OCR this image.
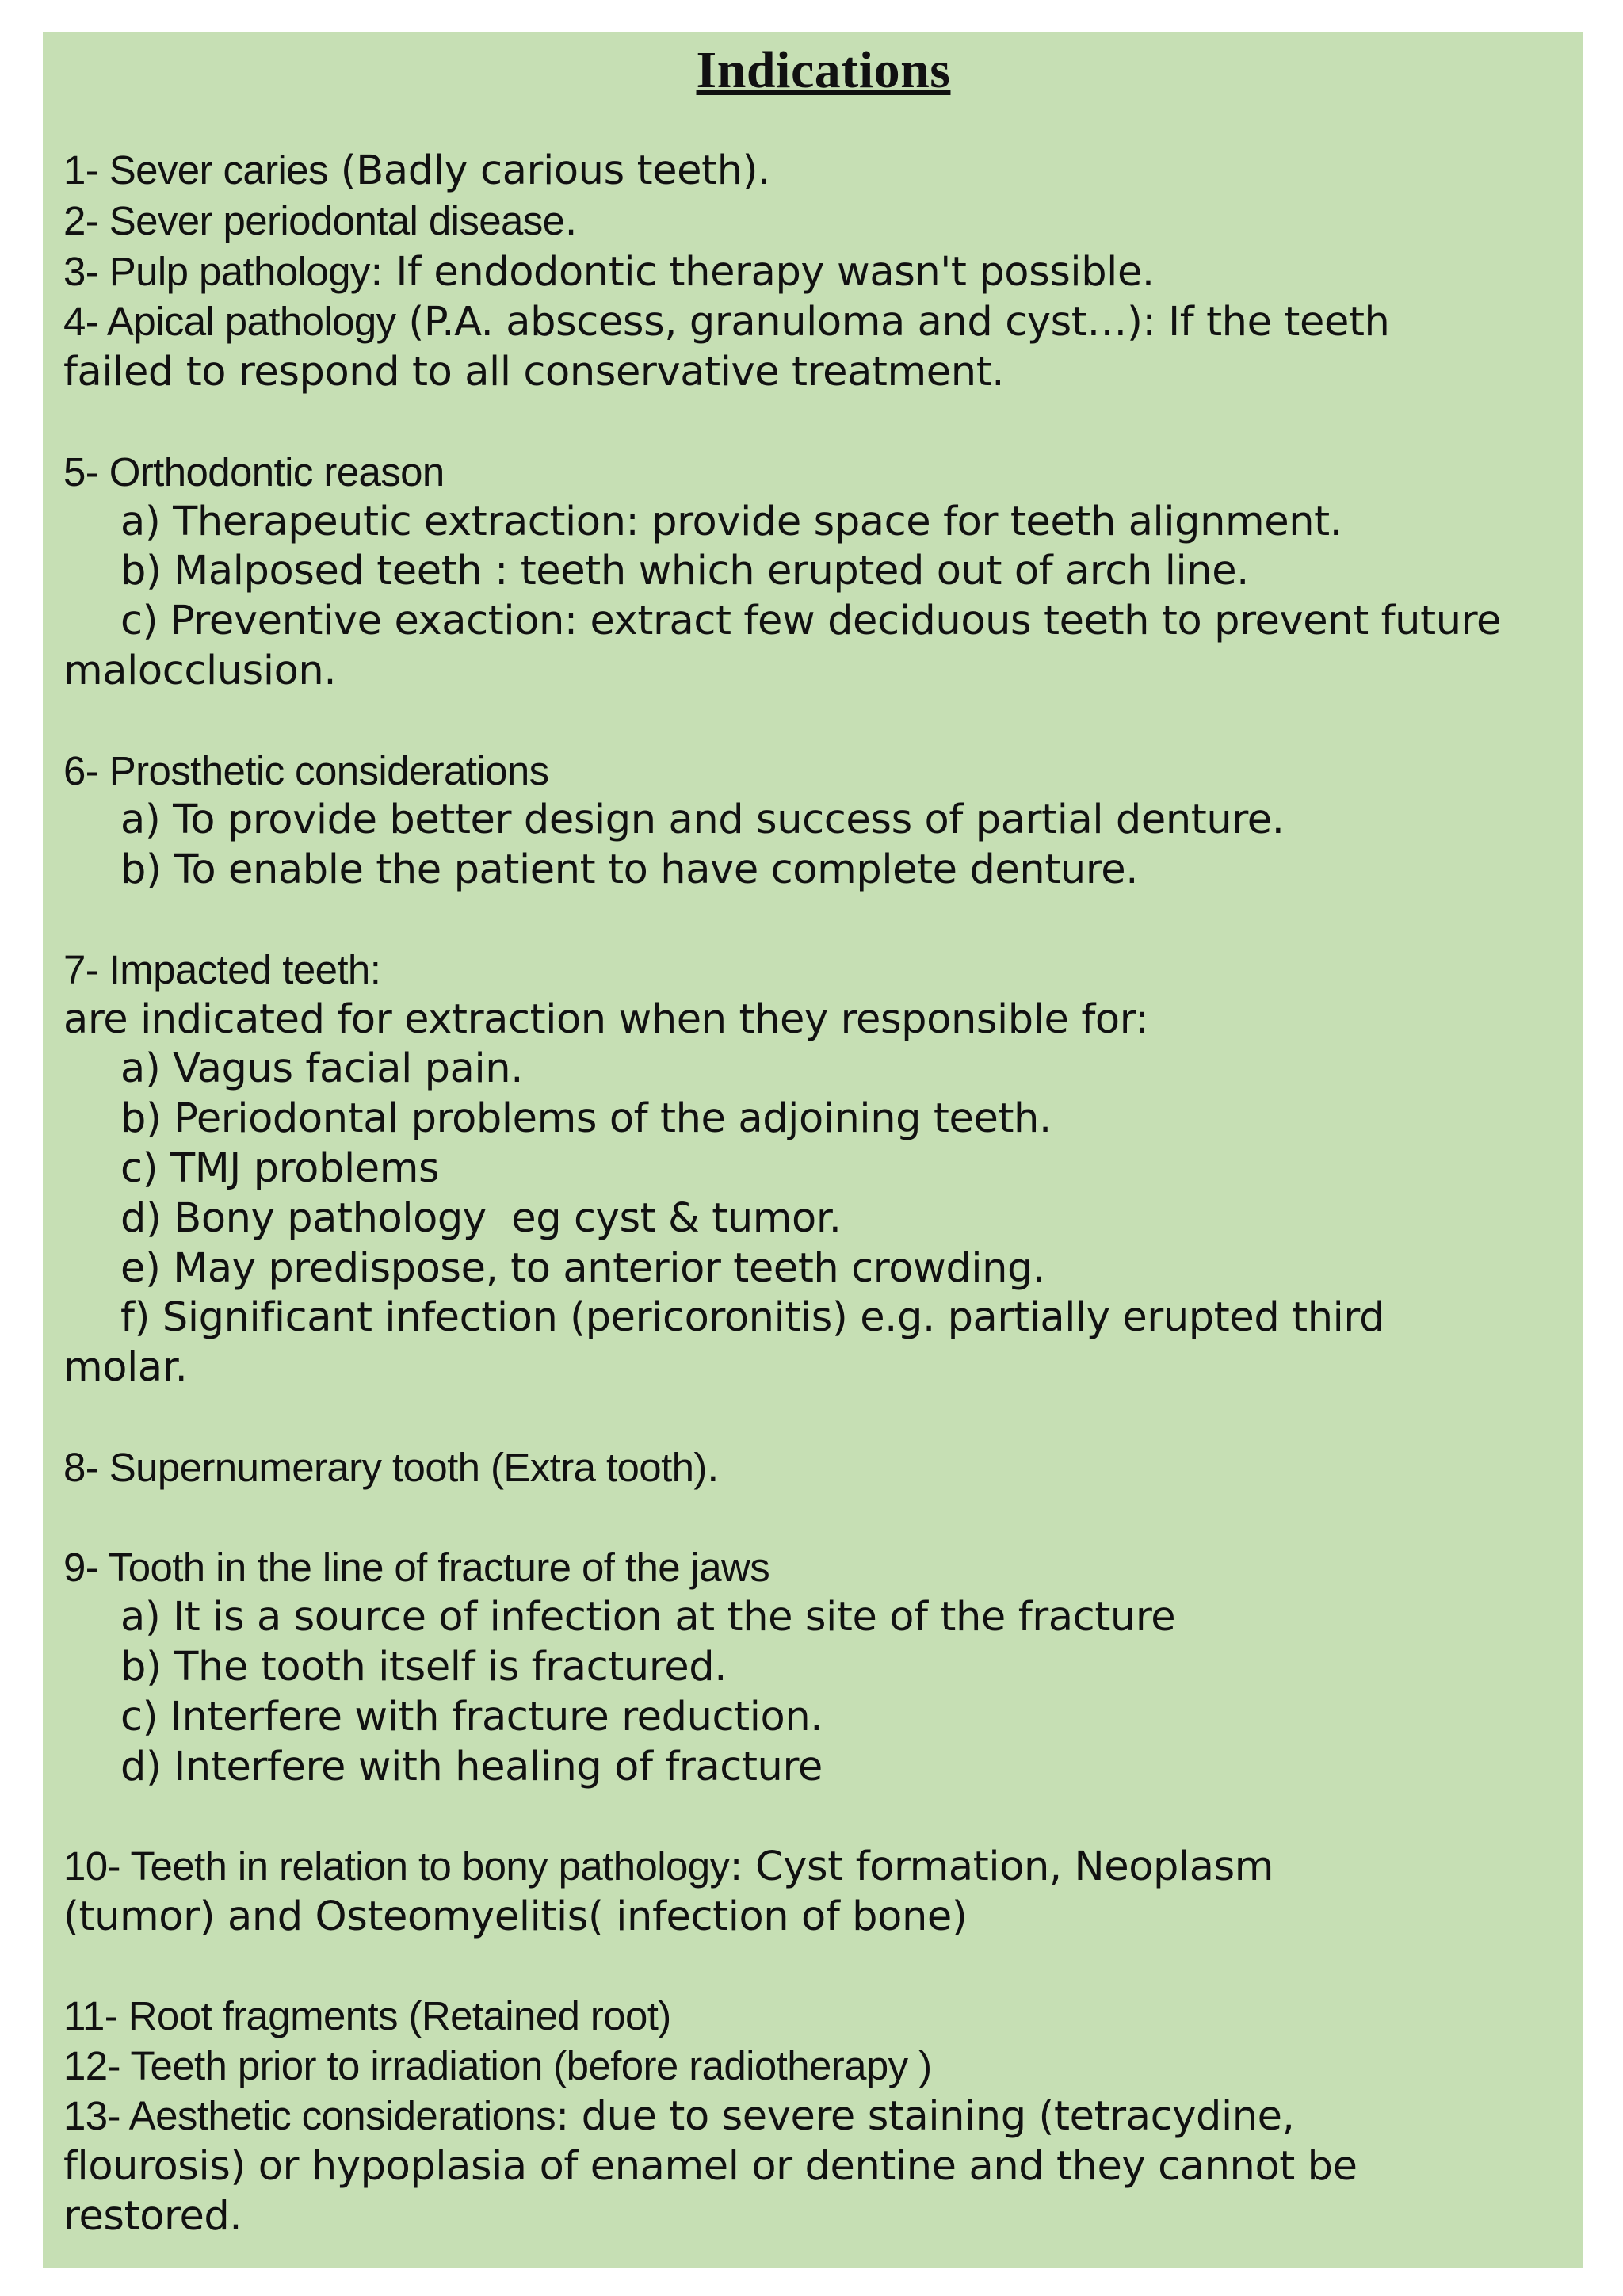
Indications

1- Sever caries (Badly carious teeth).

2- Sever periodontal disease.

3- Pulp pathology: If endodontic therapy wasn't possible.

4- Apical pathology (P.A. abscess, granuloma and cyst…): If the teeth

failed to respond to all conservative treatment.

5- Orthodontic reason

a) Therapeutic extraction: provide space for teeth alignment.

b) Malposed teeth : teeth which erupted out of arch line.

c) Preventive exaction: extract few deciduous teeth to prevent future

malocclusion.

6- Prosthetic considerations

a) To provide better design and success of partial denture.

b) To enable the patient to have complete denture.

7- Impacted teeth:

are indicated for extraction when they responsible for:

a) Vagus facial pain.

b) Periodontal problems of the adjoining teeth.

c) TMJ problems

d) Bony pathology  eg cyst & tumor.

e) May predispose, to anterior teeth crowding.

f) Significant infection (pericoronitis) e.g. partially erupted third

molar.

8- Supernumerary tooth (Extra tooth).

9- Tooth in the line of fracture of the jaws

a) It is a source of infection at the site of the fracture

b) The tooth itself is fractured.

c) Interfere with fracture reduction.

d) Interfere with healing of fracture

10- Teeth in relation to bony pathology: Cyst formation, Neoplasm

(tumor) and Osteomyelitis( infection of bone)

11- Root fragments (Retained root)

12- Teeth prior to irradiation (before radiotherapy )

13- Aesthetic considerations: due to severe staining (tetracydine,

flourosis) or hypoplasia of enamel or dentine and they cannot be

restored.
